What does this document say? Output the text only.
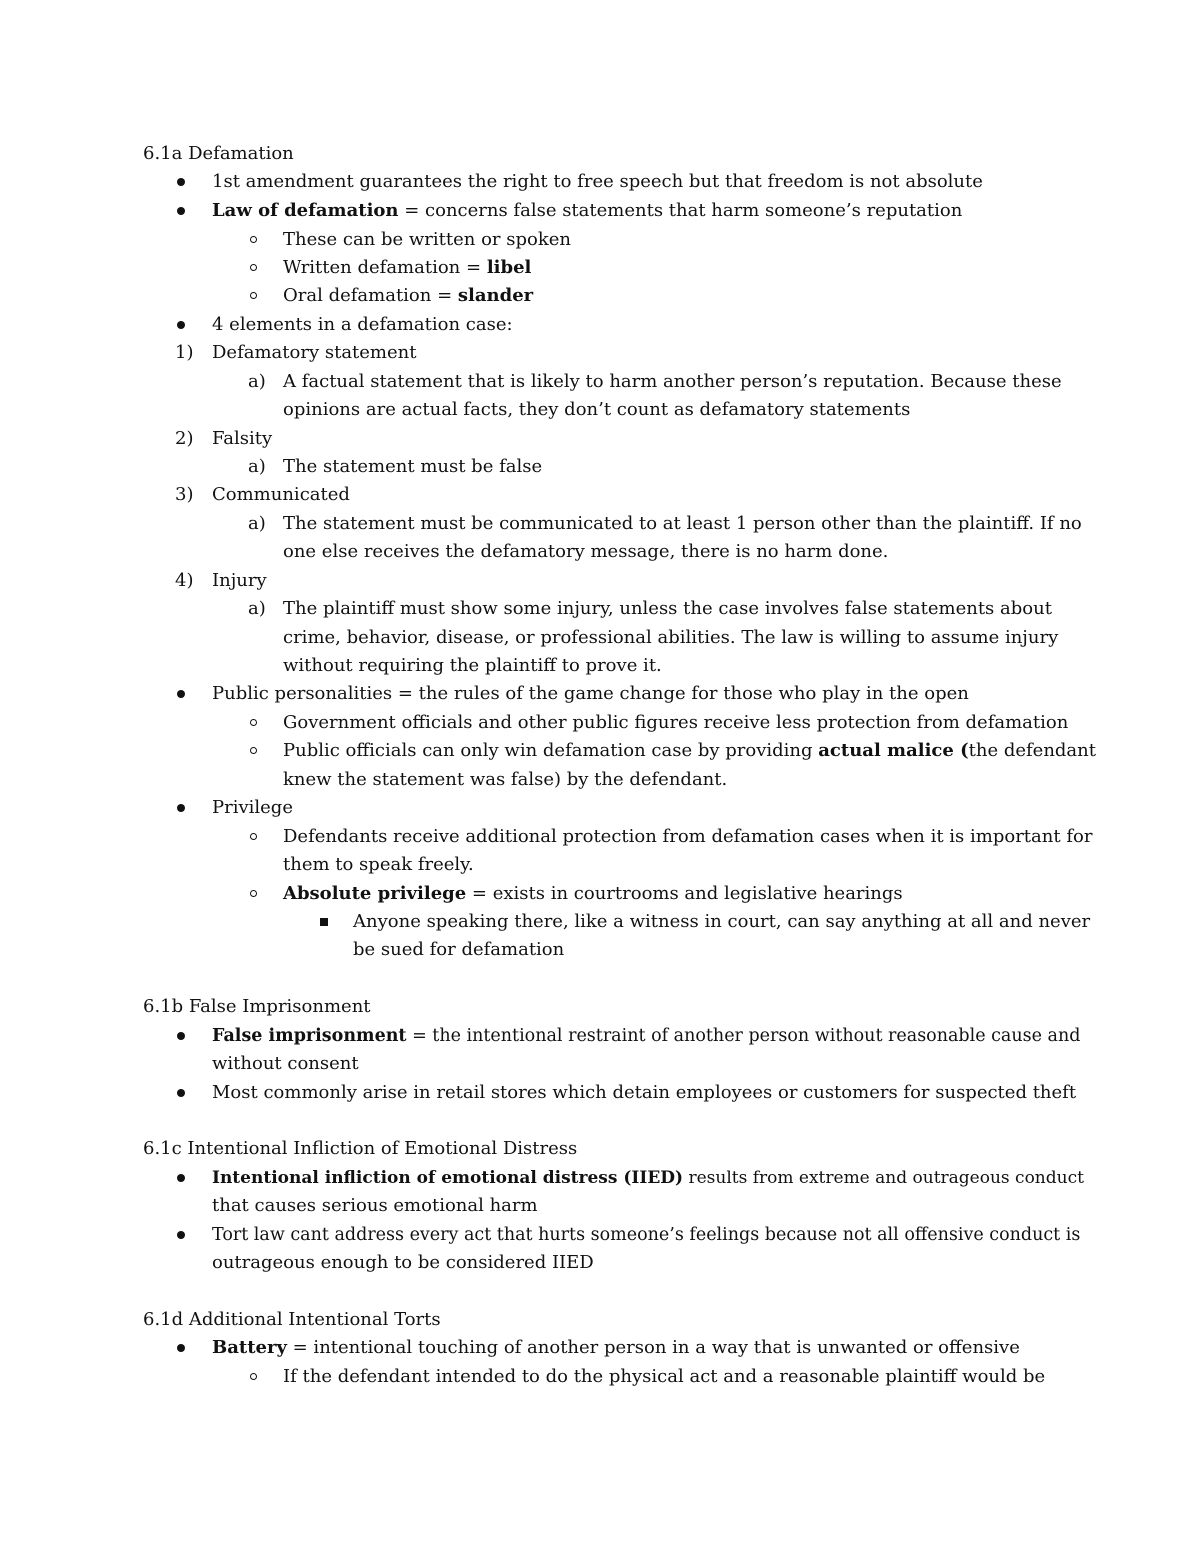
6.1a Defamation
1st amendment guarantees the right to free speech but that freedom is not absolute
Law of defamation = concerns false statements that harm someone’s reputation
These can be written or spoken
Written defamation = libel
Oral defamation = slander
4 elements in a defamation case:
1) Defamatory statement
a) A factual statement that is likely to harm another person’s reputation. Because these
opinions are actual facts, they don’t count as defamatory statements
2) Falsity
a) The statement must be false
3) Communicated
a) The statement must be communicated to at least 1 person other than the plaintiff. If no
one else receives the defamatory message, there is no harm done.
4) Injury
a) The plaintiff must show some injury, unless the case involves false statements about
crime, behavior, disease, or professional abilities. The law is willing to assume injury
without requiring the plaintiff to prove it.
Public personalities = the rules of the game change for those who play in the open
Government officials and other public figures receive less protection from defamation
Public officials can only win defamation case by providing actual malice (the defendant
knew the statement was false) by the defendant.
Privilege
Defendants receive additional protection from defamation cases when it is important for
them to speak freely.
Absolute privilege = exists in courtrooms and legislative hearings
Anyone speaking there, like a witness in court, can say anything at all and never
be sued for defamation
6.1b False Imprisonment
False imprisonment = the intentional restraint of another person without reasonable cause and
without consent
Most commonly arise in retail stores which detain employees or customers for suspected theft
6.1c Intentional Infliction of Emotional Distress
Intentional infliction of emotional distress (IIED) results from extreme and outrageous conduct
that causes serious emotional harm
Tort law cant address every act that hurts someone’s feelings because not all offensive conduct is
outrageous enough to be considered IIED
6.1d Additional Intentional Torts
Battery = intentional touching of another person in a way that is unwanted or offensive
If the defendant intended to do the physical act and a reasonable plaintiff would be
